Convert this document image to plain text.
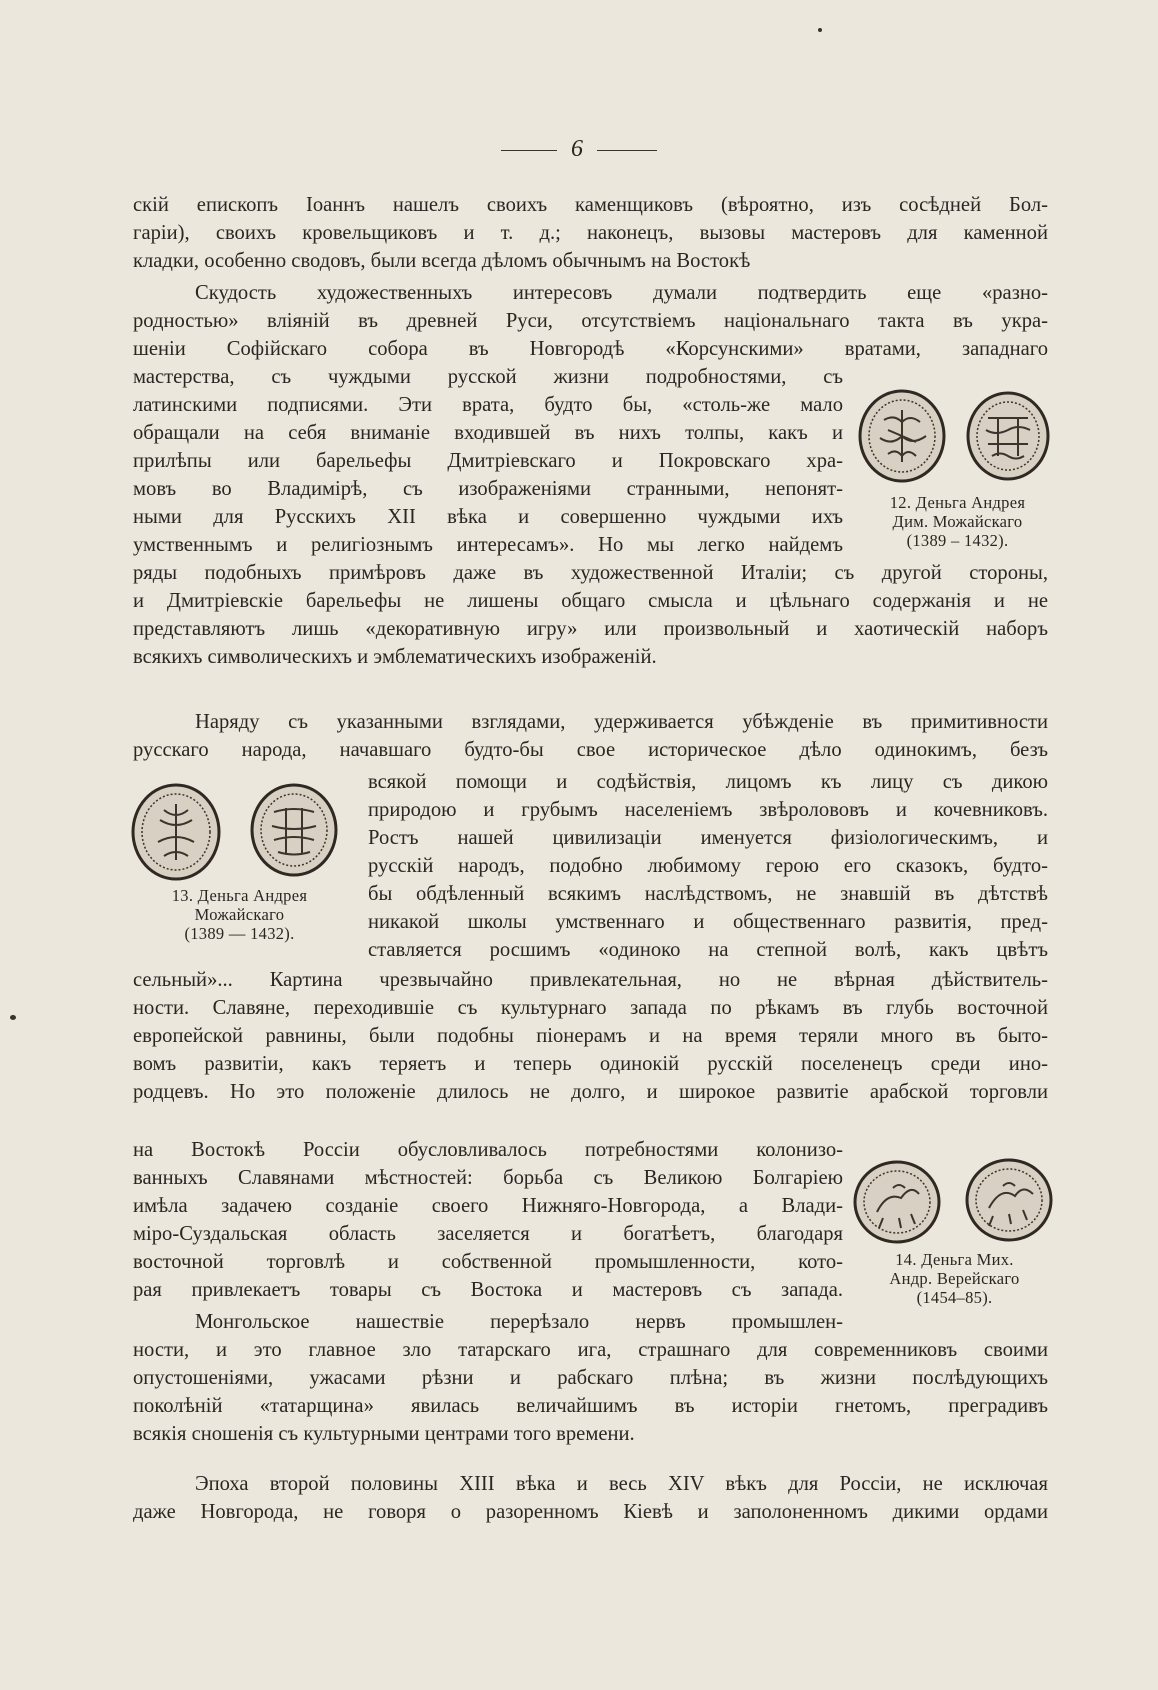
6
скій епископъ Іоаннъ нашелъ своихъ каменщиковъ (вѣроятно, изъ сосѣдней Бол-
гаріи), своихъ кровельщиковъ и т. д.; наконецъ, вызовы мастеровъ для каменной
кладки, особенно сводовъ, были всегда дѣломъ обычнымъ на Востокѣ
Скудость художественныхъ интересовъ думали подтвердить еще «разно-
родностью» вліяній въ древней Руси, отсутствіемъ національнаго такта въ укра-
шеніи Софійскаго собора въ Новгородѣ «Корсунскими» вратами, западнаго
мастерства, съ чуждыми русской жизни подробностями, съ
латинскими подписями. Эти врата, будто бы, «столь-же мало
обращали на себя вниманіе входившей въ нихъ толпы, какъ и
прилѣпы или барельефы Дмитріевскаго и Покровскаго хра-
мовъ во Владимірѣ, съ изображеніями странными, непонят-
ными для Русскихъ XII вѣка и совершенно чуждыми ихъ
умственнымъ и религіознымъ интересамъ». Но мы легко найдемъ
ряды подобныхъ примѣровъ даже въ художественной Италіи; съ другой стороны,
и Дмитріевскіе барельефы не лишены общаго смысла и цѣльнаго содержанія и не
представляютъ лишь «декоративную игру» или произвольный и хаотическій наборъ
всякихъ символическихъ и эмблематическихъ изображеній.
Наряду съ указанными взглядами, удерживается убѣжденіе въ примитивности
русскаго народа, начавшаго будто-бы свое историческое дѣло одинокимъ, безъ
всякой помощи и содѣйствія, лицомъ къ лицу съ дикою
природою и грубымъ населеніемъ звѣролововъ и кочевниковъ.
Ростъ нашей цивилизаціи именуется физіологическимъ, и
русскій народъ, подобно любимому герою его сказокъ, будто-
бы обдѣленный всякимъ наслѣдствомъ, не знавшій въ дѣтствѣ
никакой школы умственнаго и общественнаго развитія, пред-
ставляется росшимъ «одиноко на степной волѣ, какъ цвѣтъ
сельный»... Картина чрезвычайно привлекательная, но не вѣрная дѣйствитель-
ности. Славяне, переходившіе съ культурнаго запада по рѣкамъ въ глубь восточной
европейской равнины, были подобны піонерамъ и на время теряли много въ быто-
вомъ развитіи, какъ теряетъ и теперь одинокій русскій поселенецъ среди ино-
родцевъ. Но это положеніе длилось не долго, и широкое развитіе арабской торговли
на Востокѣ Россіи обусловливалось потребностями колонизо-
ванныхъ Славянами мѣстностей: борьба съ Великою Болгаріею
имѣла задачею созданіе своего Нижняго-Новгорода, а Влади-
міро-Суздальская область заселяется и богатѣетъ, благодаря
восточной торговлѣ и собственной промышленности, кото-
рая привлекаетъ товары съ Востока и мастеровъ съ запада.
Монгольское нашествіе перерѣзало нервъ промышлен-
ности, и это главное зло татарскаго ига, страшнаго для современниковъ своими
опустошеніями, ужасами рѣзни и рабскаго плѣна; въ жизни послѣдующихъ
поколѣній «татарщина» явилась величайшимъ въ исторіи гнетомъ, преградивъ
всякія сношенія съ культурными центрами того времени.
Эпоха второй половины XIII вѣка и весь XIV вѣкъ для Россіи, не исключая
даже Новгорода, не говоря о разоренномъ Кіевѣ и заполоненномъ дикими ордами
12. Деньга Андрея
Дим. Можайскаго
(1389 – 1432).
13. Деньга Андрея
Можайскаго
(1389 — 1432).
14. Деньга Мих.
Андр. Верейскаго
(1454–85).
